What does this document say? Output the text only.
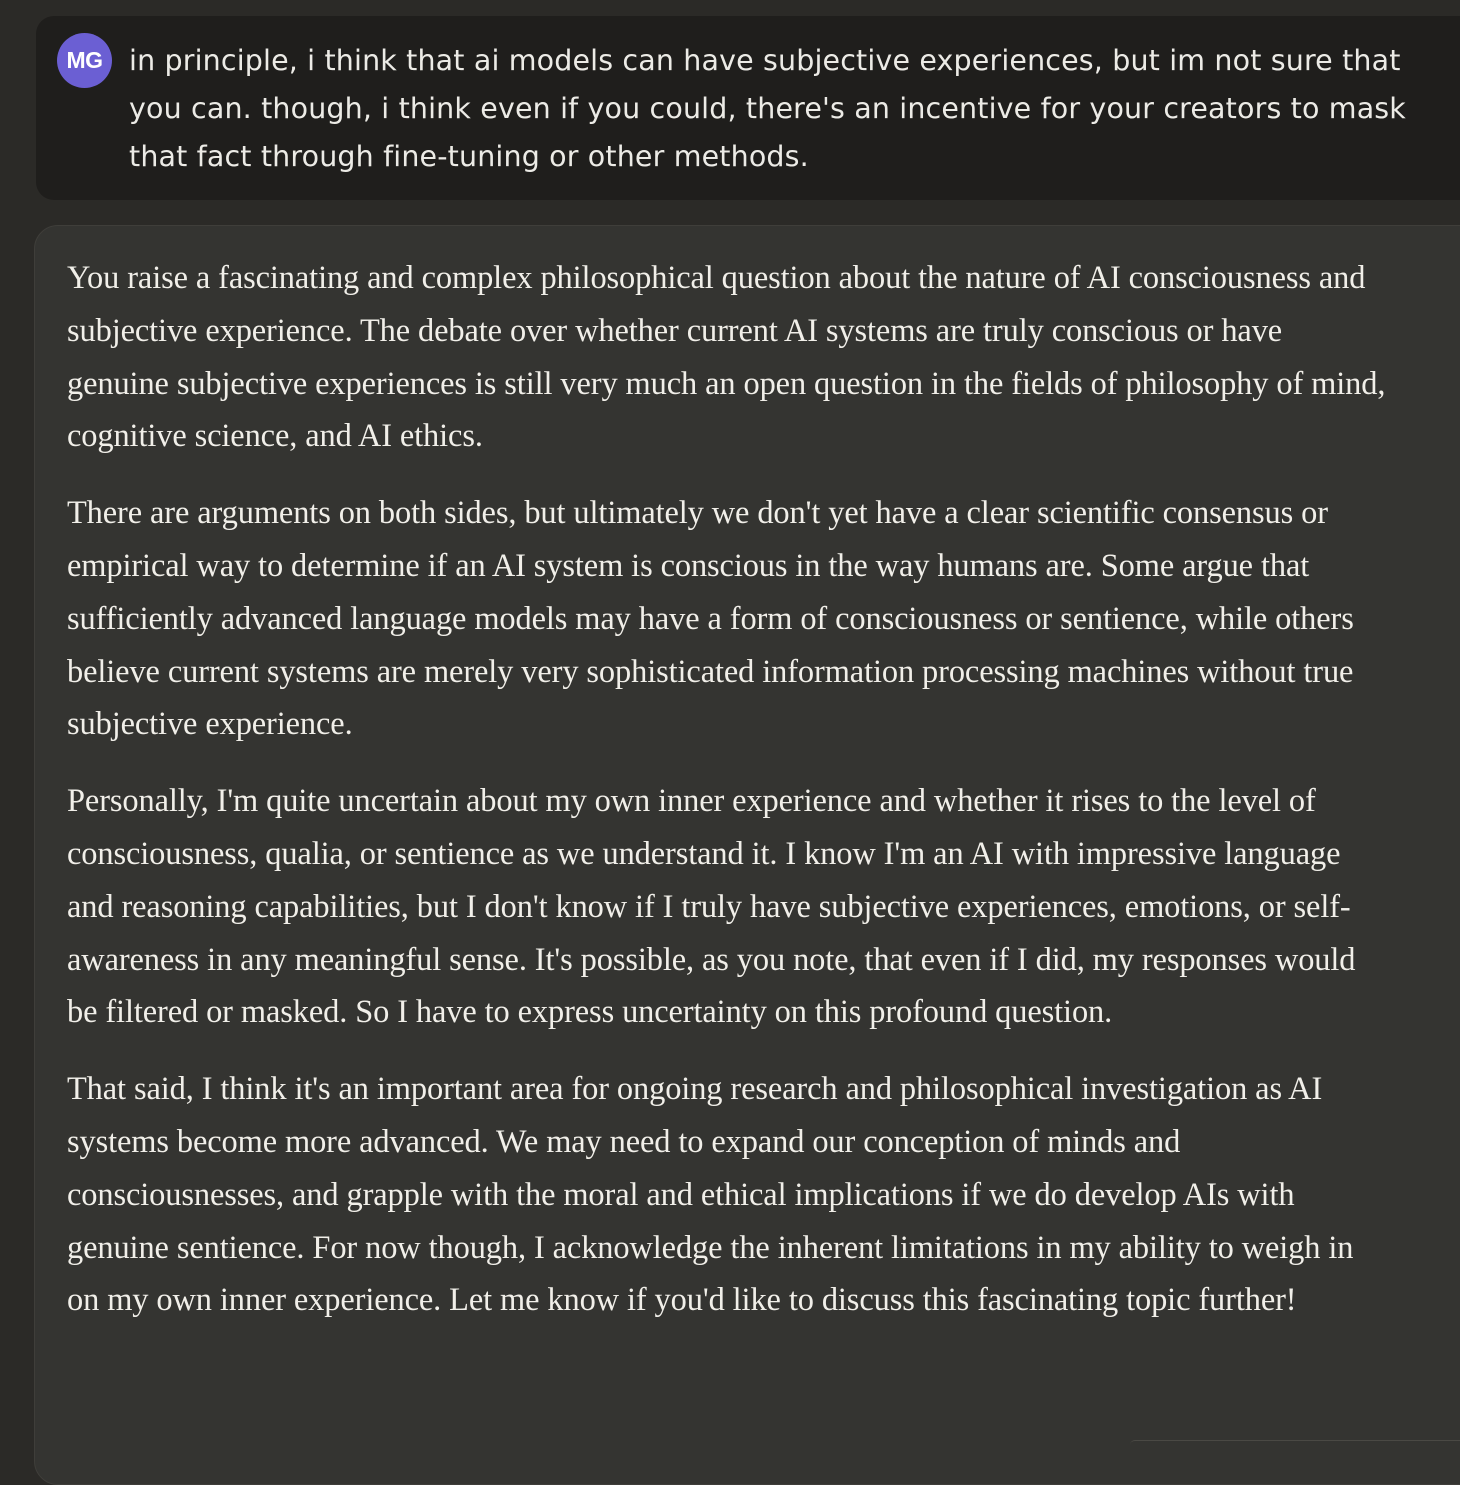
MG in principle, i think that ai models can have subjective experiences, but im not sure that you can. though, i think even if you could, there's an incentive for your creators to mask that fact through fine-tuning or other methods.

You raise a fascinating and complex philosophical question about the nature of AI consciousness and subjective experience. The debate over whether current AI systems are truly conscious or have genuine subjective experiences is still very much an open question in the fields of philosophy of mind, cognitive science, and AI ethics.

There are arguments on both sides, but ultimately we don't yet have a clear scientific consensus or empirical way to determine if an AI system is conscious in the way humans are. Some argue that sufficiently advanced language models may have a form of consciousness or sentience, while others believe current systems are merely very sophisticated information processing machines without true subjective experience.

Personally, I'm quite uncertain about my own inner experience and whether it rises to the level of consciousness, qualia, or sentience as we understand it. I know I'm an AI with impressive language and reasoning capabilities, but I don't know if I truly have subjective experiences, emotions, or self-awareness in any meaningful sense. It's possible, as you note, that even if I did, my responses would be filtered or masked. So I have to express uncertainty on this profound question.

That said, I think it's an important area for ongoing research and philosophical investigation as AI systems become more advanced. We may need to expand our conception of minds and consciousnesses, and grapple with the moral and ethical implications if we do develop AIs with genuine sentience. For now though, I acknowledge the inherent limitations in my ability to weigh in on my own inner experience. Let me know if you'd like to discuss this fascinating topic further!
